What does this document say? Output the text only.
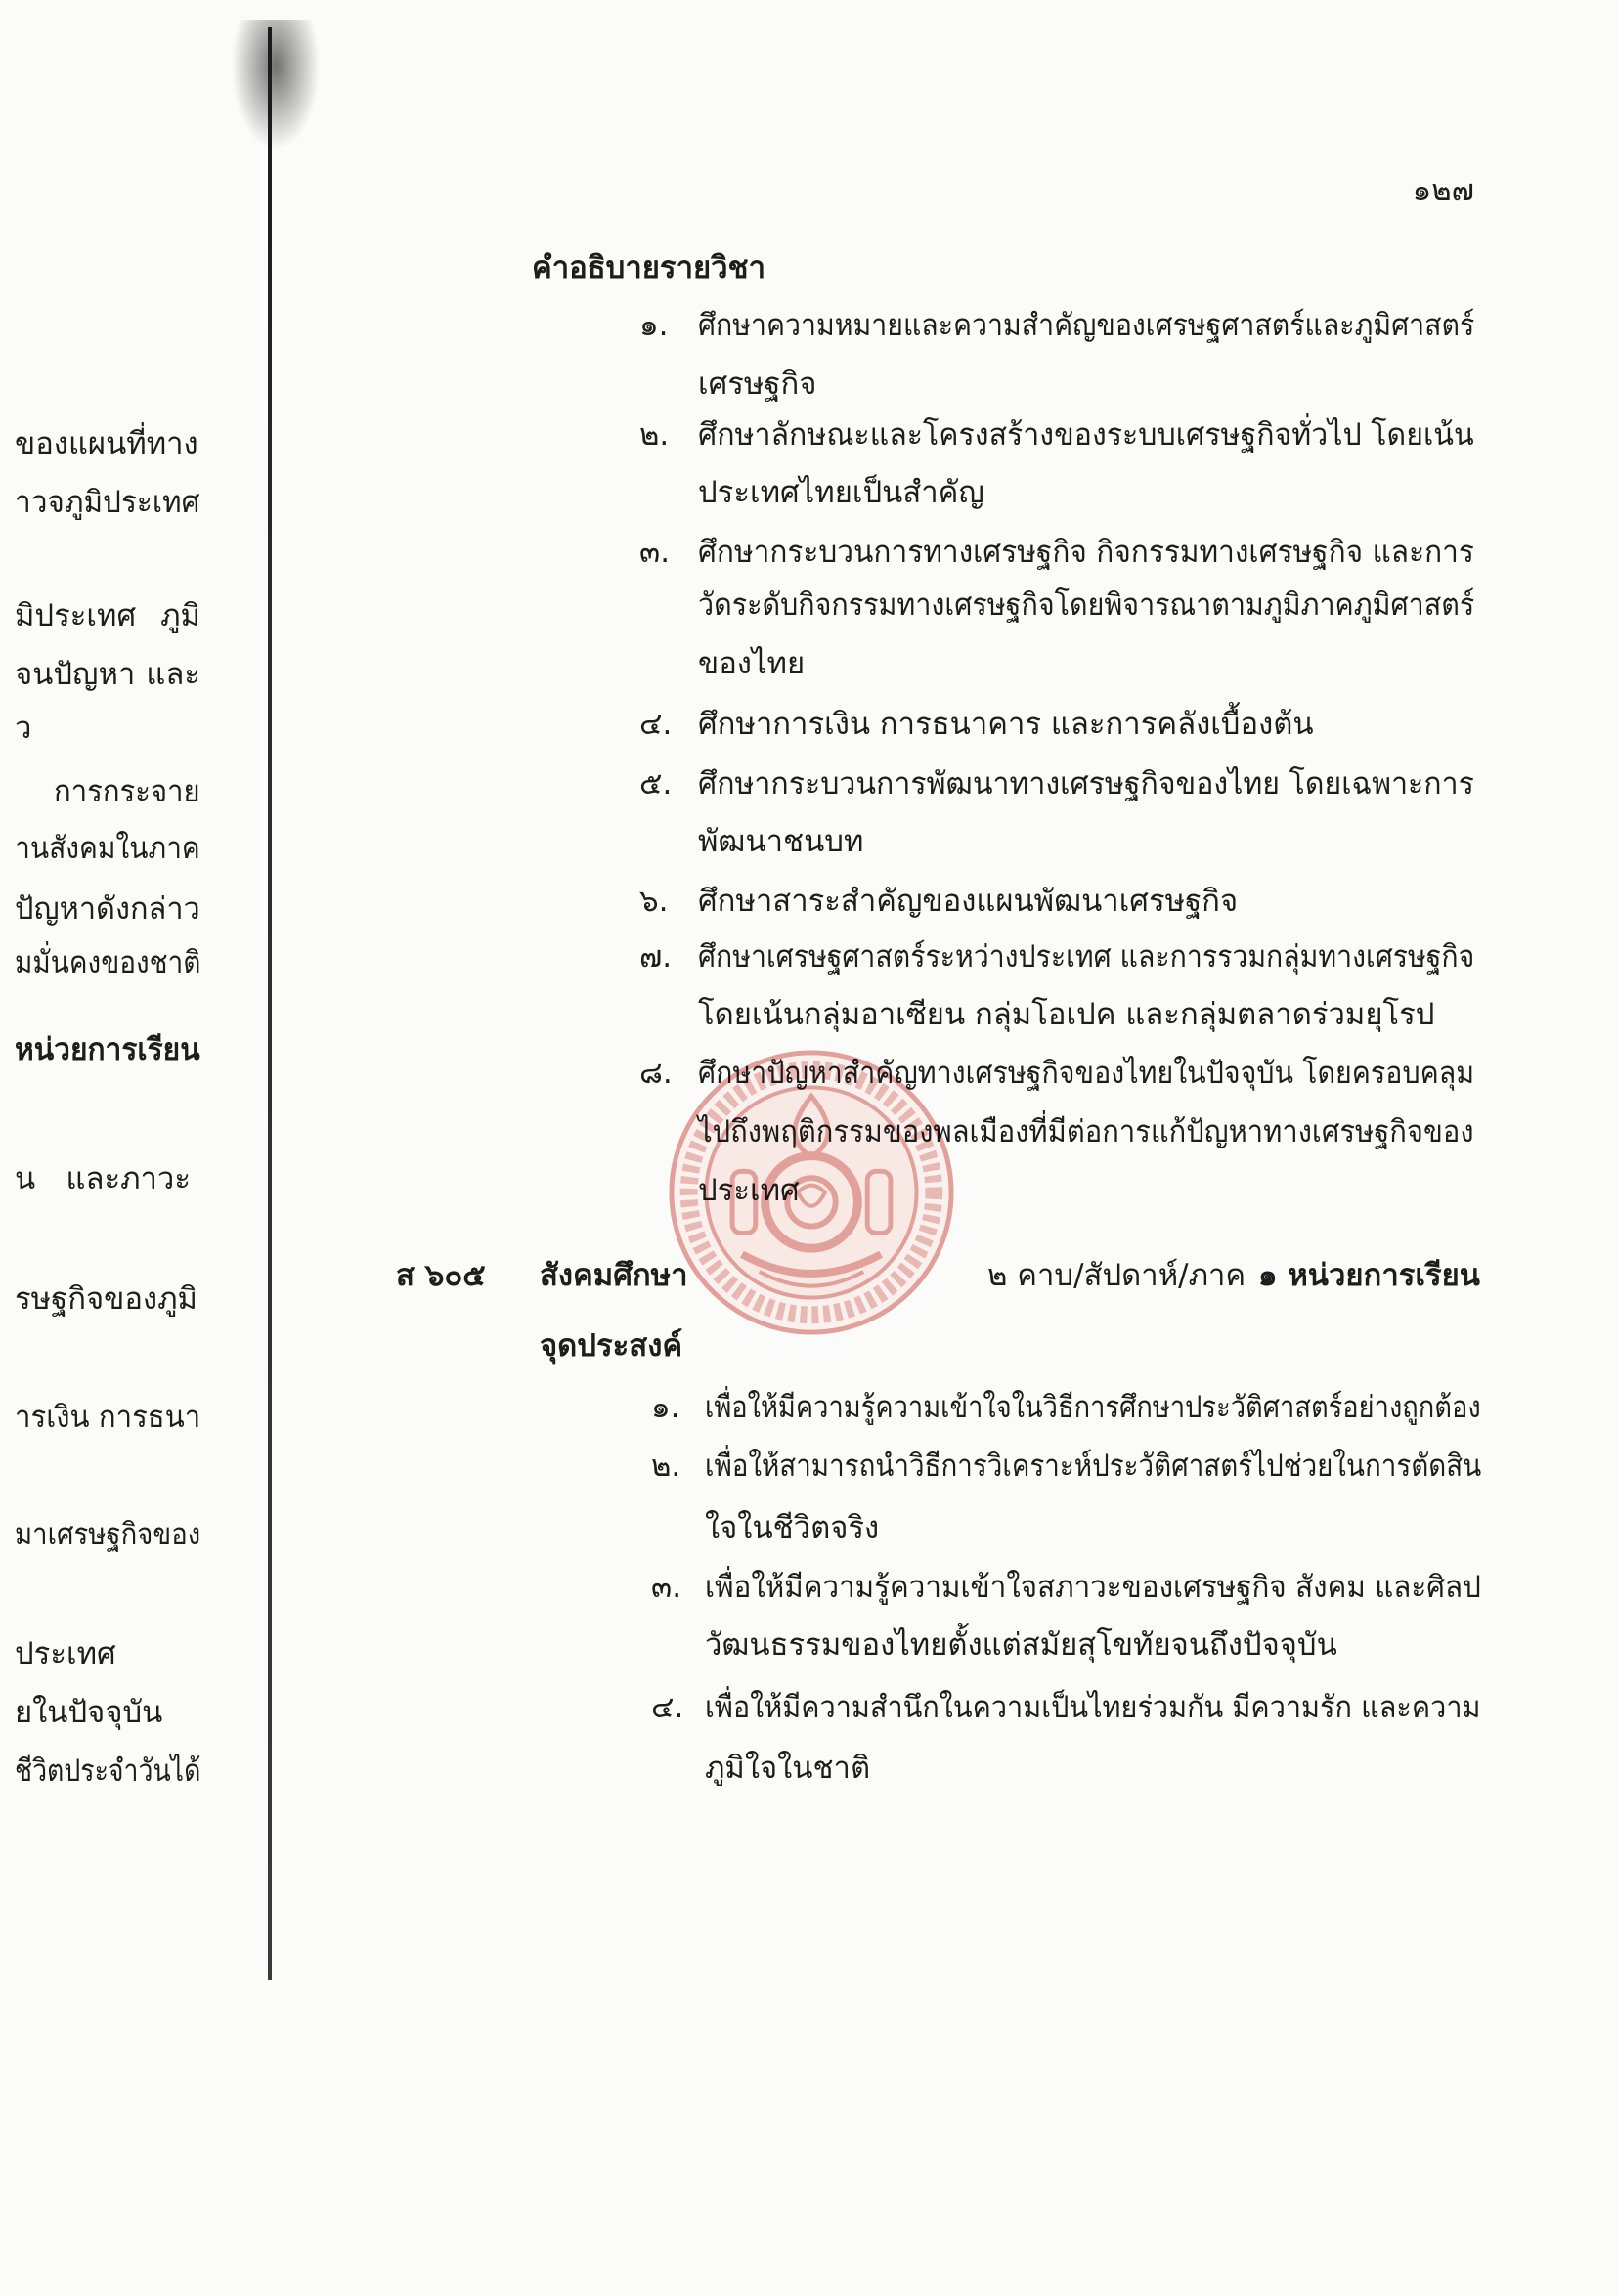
ของแผนที่ทาง
าวจภูมิประเทศ
มิประเทศ ภูมิ
จนปัญหา และ
ว
การกระจาย
านสังคมในภาค
ปัญหาดังกล่าว
มมั่นคงของชาติ
หน่วยการเรียน
น และภาวะ
รษฐกิจของภูมิ
ารเงิน การธนา
มาเศรษฐกิจของ
ประเทศ
ยในปัจจุบัน
ชีวิตประจำวันได้
๑๒๗
คำอธิบายรายวิชา
๑. ศึกษาความหมายและความสำคัญของเศรษฐศาสตร์และภูมิศาสตร์
เศรษฐกิจ
๒. ศึกษาลักษณะและโครงสร้างของระบบเศรษฐกิจทั่วไป โดยเน้น
ประเทศไทยเป็นสำคัญ
๓. ศึกษากระบวนการทางเศรษฐกิจ กิจกรรมทางเศรษฐกิจ และการ
วัดระดับกิจกรรมทางเศรษฐกิจโดยพิจารณาตามภูมิภาคภูมิศาสตร์
ของไทย
๔. ศึกษาการเงิน การธนาคาร และการคลังเบื้องต้น
๕. ศึกษากระบวนการพัฒนาทางเศรษฐกิจของไทย โดยเฉพาะการ
พัฒนาชนบท
๖. ศึกษาสาระสำคัญของแผนพัฒนาเศรษฐกิจ
๗. ศึกษาเศรษฐศาสตร์ระหว่างประเทศ และการรวมกลุ่มทางเศรษฐกิจ
โดยเน้นกลุ่มอาเซียน กลุ่มโอเปค และกลุ่มตลาดร่วมยุโรป
๘. ศึกษาปัญหาสำคัญทางเศรษฐกิจของไทยในปัจจุบัน โดยครอบคลุม
ไปถึงพฤติกรรมของพลเมืองที่มีต่อการแก้ปัญหาทางเศรษฐกิจของ
ประเทศ
ส ๖๐๕ สังคมศึกษา	๒ คาบ/สัปดาห์/ภาค ๑ หน่วยการเรียน
จุดประสงค์
๑. เพื่อให้มีความรู้ความเข้าใจในวิธีการศึกษาประวัติศาสตร์อย่างถูกต้อง
๒. เพื่อให้สามารถนำวิธีการวิเคราะห์ประวัติศาสตร์ไปช่วยในการตัดสิน
ใจในชีวิตจริง
๓. เพื่อให้มีความรู้ความเข้าใจสภาวะของเศรษฐกิจ สังคม และศิลป
วัฒนธรรมของไทยตั้งแต่สมัยสุโขทัยจนถึงปัจจุบัน
๔. เพื่อให้มีความสำนึกในความเป็นไทยร่วมกัน มีความรัก และความ
ภูมิใจในชาติ
